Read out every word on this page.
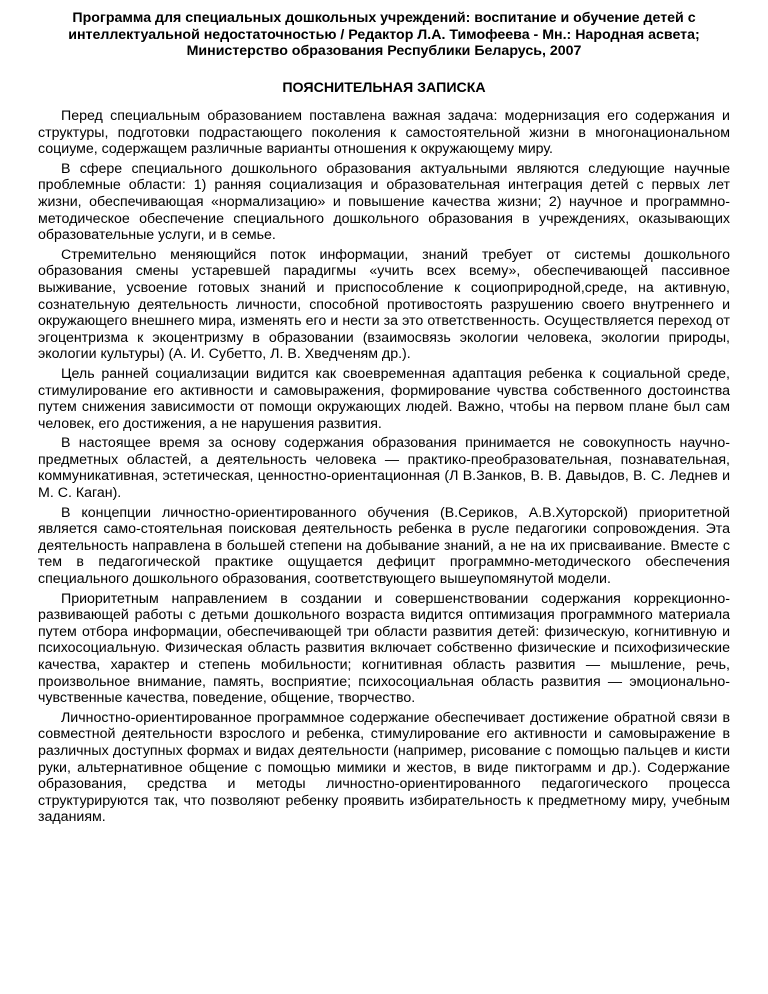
Программа для специальных дошкольных учреждений: воспитание и обучение детей с интеллектуальной недостаточностью / Редактор Л.А. Тимофеева - Мн.: Народная асвета; Министерство образования Республики Беларусь, 2007
ПОЯСНИТЕЛЬНАЯ ЗАПИСКА

Перед специальным образованием поставлена важная задача: модернизация его содержания и структуры, подготовки подрастающего поколения к самостоятельной жизни в многонациональном социуме, содержащем различные варианты отношения к окружающему миру.

В сфере специального дошкольного образования актуальными являются следующие научные проблемные области: 1) ранняя социализация и образовательная интеграция детей с первых лет жизни, обеспечивающая «нормализацию» и повышение качества жизни; 2) научное и программно-методическое обеспечение специального дошкольного образования в учреждениях, оказывающих образовательные услуги, и в семье.

Стремительно меняющийся поток информации, знаний требует от системы дошкольного образования смены устаревшей парадигмы «учить всех всему», обеспечивающей пассивное выживание, усвоение готовых знаний и приспособление к социоприродной,среде, на активную, сознательную деятельность личности, способной противостоять разрушению своего внутреннего и окружающего внешнего мира, изменять его и нести за это ответственность. Осуществляется переход от эгоцентризма к экоцентризму в образовании (взаимосвязь экологии человека, экологии природы, экологии культуры) (А. И. Субетто, Л. В. Хведченям др.).

Цель ранней социализации видится как своевременная адаптация ребенка к социальной среде, стимулирование его активности и самовыражения, формирование чувства собственного достоинства путем снижения зависимости от помощи окружающих людей. Важно, чтобы на первом плане был сам человек, его достижения, а не нарушения развития.

В настоящее время за основу содержания образования принимается не совокупность научно-предметных областей, а деятельность человека — практико-преобразовательная, познавательная, коммуникативная, эстетическая, ценностно-ориентационная (Л В.Занков, В. В. Давыдов, В. С. Леднев и М. С. Каган).

В концепции личностно-ориентированного обучения (В.Сериков, А.В.Хуторской) приоритетной является само-стоятельная поисковая деятельность ребенка в русле педагогики сопровождения. Эта деятельность направлена в большей степени на добывание знаний, а не на их присваивание. Вместе с тем в педагогической практике ощущается дефицит программно-методического обеспечения специального дошкольного образования, соответствующего вышеупомянутой модели.

Приоритетным направлением в создании и совершенствовании содержания коррекционно-развивающей работы с детьми дошкольного возраста видится оптимизация программного материала путем отбора информации, обеспечивающей три области развития детей: физическую, когнитивную и психосоциальную. Физическая область развития включает собственно физические и психофизические качества, характер и степень мобильности; когнитивная область развития — мышление, речь, произвольное внимание, память, восприятие; психосоциальная область развития — эмоционально-чувственные качества, поведение, общение, творчество.

Личностно-ориентированное программное содержание обеспечивает достижение обратной связи в совместной деятельности взрослого и ребенка, стимулирование его активности и самовыражение в различных доступных формах и видах деятельности (например, рисование с помощью пальцев и кисти руки, альтернативное общение с помощью мимики и жестов, в виде пиктограмм и др.). Содержание образования, средства и методы личностно-ориентированного педагогического процесса структурируются так, что позволяют ребенку проявить избирательность к предметному миру, учебным заданиям.
